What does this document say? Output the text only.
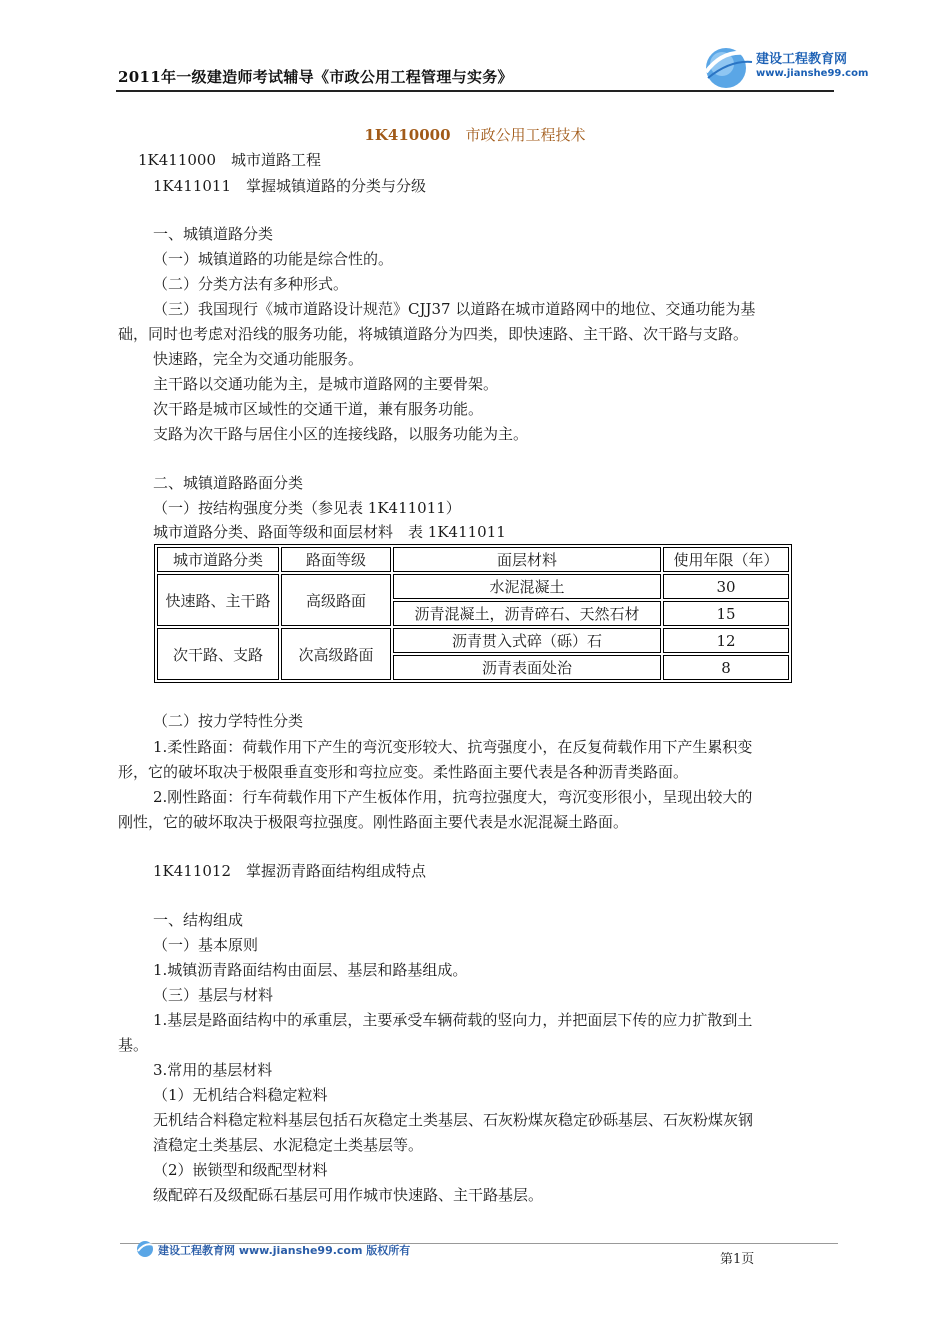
2011年一级建造师考试辅导《市政公用工程管理与实务》
建设工程教育网
www.jianshe99.com
1K410000　 市政公用工程技术
1K411000　城市道路工程
1K411011　掌握城镇道路的分类与分级
一、城镇道路分类
（一）城镇道路的功能是综合性的。
（二）分类方法有多种形式。
（三）我国现行《城市道路设计规范》CJJ37 以道路在城市道路网中的地位、交通功能为基
础，同时也考虑对沿线的服务功能，将城镇道路分为四类，即快速路、主干路、次干路与支路。
快速路，完全为交通功能服务。
主干路以交通功能为主，是城市道路网的主要骨架。
次干路是城市区域性的交通干道，兼有服务功能。
支路为次干路与居住小区的连接线路，以服务功能为主。
二、城镇道路路面分类
（一）按结构强度分类（参见表 1K411011）
城市道路分类、路面等级和面层材料　表 1K411011
城市道路分类	路面等级	面层材料	使用年限（年）
快速路、主干路	高级路面	水泥混凝土	30
		沥青混凝土，沥青碎石、天然石材	15
次干路、支路	次高级路面	沥青贯入式碎（砾）石	12
		沥青表面处治	8
（二）按力学特性分类
1.柔性路面：荷载作用下产生的弯沉变形较大、抗弯强度小，在反复荷载作用下产生累积变
形，它的破坏取决于极限垂直变形和弯拉应变。柔性路面主要代表是各种沥青类路面。
2.刚性路面：行车荷载作用下产生板体作用，抗弯拉强度大，弯沉变形很小，呈现出较大的
刚性，它的破坏取决于极限弯拉强度。刚性路面主要代表是水泥混凝土路面。
1K411012　掌握沥青路面结构组成特点
一、结构组成
（一）基本原则
1.城镇沥青路面结构由面层、基层和路基组成。
（三）基层与材料
1.基层是路面结构中的承重层，主要承受车辆荷载的竖向力，并把面层下传的应力扩散到土
基。
3.常用的基层材料
（1）无机结合料稳定粒料
无机结合料稳定粒料基层包括石灰稳定土类基层、石灰粉煤灰稳定砂砾基层、石灰粉煤灰钢
渣稳定土类基层、水泥稳定土类基层等。
（2）嵌锁型和级配型材料
级配碎石及级配砾石基层可用作城市快速路、主干路基层。
建设工程教育网 www.jianshe99.com 版权所有
第1页
